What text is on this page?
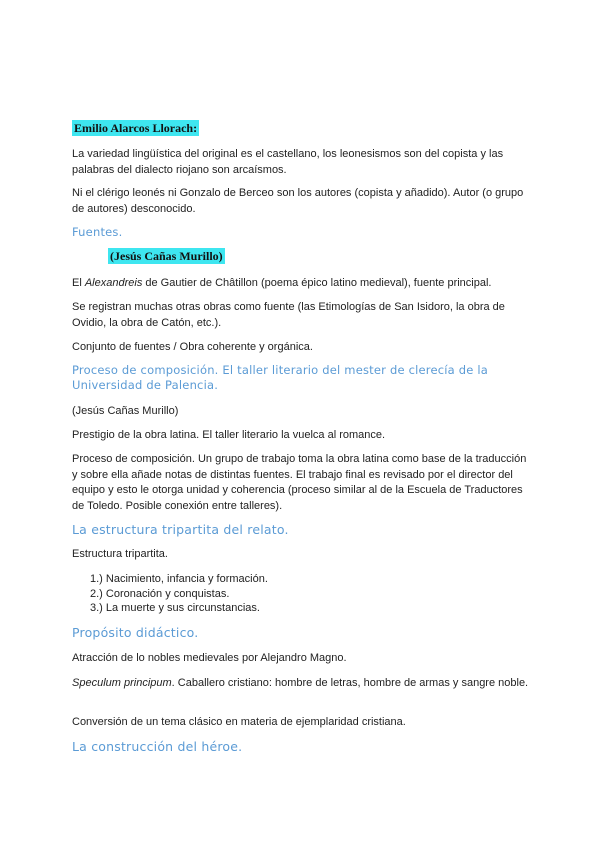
Emilio Alarcos Llorach:

La variedad lingüística del original es el castellano, los leonesismos son del copista y las palabras del dialecto riojano son arcaísmos.

Ni el clérigo leonés ni Gonzalo de Berceo son los autores (copista y añadido). Autor (o grupo de autores) desconocido.

Fuentes.

(Jesús Cañas Murillo)

El Alexandreis de Gautier de Châtillon (poema épico latino medieval), fuente principal.

Se registran muchas otras obras como fuente (las Etimologías de San Isidoro, la obra de Ovidio, la obra de Catón, etc.).

Conjunto de fuentes / Obra coherente y orgánica.

Proceso de composición. El taller literario del mester de clerecía de la Universidad de Palencia.

(Jesús Cañas Murillo)

Prestigio de la obra latina. El taller literario la vuelca al romance.

Proceso de composición. Un grupo de trabajo toma la obra latina como base de la traducción y sobre ella añade notas de distintas fuentes. El trabajo final es revisado por el director del equipo y esto le otorga unidad y coherencia (proceso similar al de la Escuela de Traductores de Toledo. Posible conexión entre talleres).

La estructura tripartita del relato.

Estructura tripartita.

1.) Nacimiento, infancia y formación.
2.) Coronación y conquistas.
3.) La muerte y sus circunstancias.

Propósito didáctico.

Atracción de lo nobles medievales por Alejandro Magno.

Speculum principum. Caballero cristiano: hombre de letras, hombre de armas y sangre noble.

Conversión de un tema clásico en materia de ejemplaridad cristiana.

La construcción del héroe.
